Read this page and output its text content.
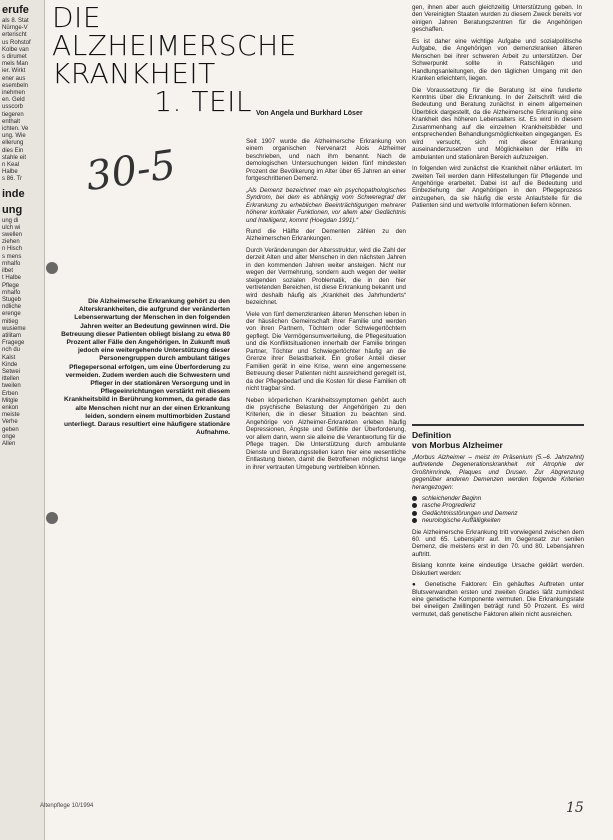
erufe
als 8. Stat
Nürnge-V
erterischt
us Rohstof
Kolbe van
s dirumet
mels Man
ier. Wirkt
ener aus
esembeln
inehmen
en. Geld
usscorb
tiegeren
enthalt
ichten. Ve
ung. Wie
ellerung
dies Ein
stahle eit
n Keal
Halbe
s 86. Tr
inde
ung
ung di
ulch wi
swellen
ziehen
n Hisch
s mens
rnhalfo
ilbet
t Halbe
Pflege
rnhalfo
Stugeb
ndliche
erenge
mitieg
wusieme
atilitam
Fragege
nch du
Kalst
Kinde
Setwei
ittellen
tweilen
Erben
Mitgle
enkon
meiste
Verhe
geben
onge
Allen
DIE ALZHEIMERSCHE
KRANKHEIT
1. TEIL Von Angela und Burkhard Löser
30-5
Die Alzheimersche Erkrankung gehört zu den Alterskrankheiten, die aufgrund der veränderten Lebenserwartung der Menschen in den folgenden Jahren weiter an Bedeutung gewinnen wird. Die Betreuung dieser Patienten obliegt bislang zu etwa 80 Prozent aller Fälle den Angehörigen. In Zukunft muß jedoch eine weitergehende Unterstützung dieser Personengruppen durch ambulant tätiges Pflegepersonal erfolgen, um eine Überforderung zu vermeiden. Zudem werden auch die Schwestern und Pfleger in der stationären Versorgung und in Pflegeeinrichtungen verstärkt mit diesem Krankheitsbild in Berührung kommen, da gerade das alte Menschen nicht nur an der einen Erkrankung leiden, sondern einem multimorbiden Zustand unterliegt. Daraus resultiert eine häufigere stationäre Aufnahme.

Seit 1907 wurde die Alzheimersche Erkrankung von einem organischen Nervenarzt Alois Alzheimer beschrieben, und nach ihm benannt. Nach de demologischen Untersuchungen leiden fünf mindesten Prozent der Bevölkerung im Alter über 65 Jahren an einer fortgeschrittenen Demenz.

„Als Demenz bezeichnet man ein psychopathologisches Syndrom, bei dem es abhängig vom Schweregrad der Erkrankung zu erheblichen Beeinträchtigungen mehrerer höherer kortikaler Funktionen, vor allem aber Gedächtnis und Intelligenz, kommt (Hoegdan 1991).“

Rund die Hälfte der Dementen zählen zu den Alzheimerschen Erkrankungen.

Durch Veränderungen der Altersstruktur, wird die Zahl der derzeit Alten und alter Menschen in den nächsten Jahren in den kommenden Jahren weiter ansteigen. Nicht nur wegen der Vermehrung, sondern auch wegen der weiter steigenden sozialen Problematik, die in den hier vertretenden Bereichen, ist diese Erkrankung bekannt und wird deshalb häufig als „Krankheit des Jahrhunderts“ bezeichnet.

Viele von fünf demenzkranken älteren Menschen leben in der häuslichen Gemeinschaft ihrer Familie und werden von ihren Partnern, Töchtern oder Schwiegertöchtern gepflegt. Die Vermögensumverteilung, die Pflegesituation und die Konfliktsituationen innerhalb der Familie bringen Partner, Töchter und Schwiegertöchter häufig an die Grenze ihrer Belastbarkeit. Ein großer Anteil dieser Familien gerät in eine Krise, wenn eine angemessene Betreuung dieser Patienten nicht ausreichend geregelt ist, da der Pflegebedarf und die Kosten für diese Familien oft nicht tragbar sind.

Neben körperlichen Krankheitssymptomen gehört auch die psychische Belastung der Angehörigen zu den Kriterien, die in dieser Situation zu beachten sind. Angehörige von Alzheimer-Erkrankten erleben häufig Depressionen, Ängste und Gefühle der Überforderung, vor allem dann, wenn sie alleine die Verantwortung für die Pflege tragen. Die Unterstützung durch ambulante Dienste und Beratungsstellen kann hier eine wesentliche Entlastung bieten, damit die Betroffenen möglichst lange in ihrer vertrauten Umgebung verbleiben können.

gen, ihnen aber auch gleichzeitig Unterstützung geben. In den Vereinigten Staaten wurden zu diesem Zweck bereits vor einigen Jahren Beratungszentren für die Angehörigen geschaffen.

Es ist daher eine wichtige Aufgabe und sozialpolitische Aufgabe, die Angehörigen von demenzkranken älteren Menschen bei ihrer schweren Arbeit zu unterstützen. Der Schwerpunkt sollte in Ratschlägen und Handlungsanleitungen, die den täglichen Umgang mit den Kranken erleichtern, liegen.

Die Voraussetzung für die Beratung ist eine fundierte Kenntnis über die Erkrankung. In der Zeitschrift wird die Bedeutung und Beratung zunächst in einem allgemeinen Überblick dargestellt, da die Alzheimersche Erkrankung eine Krankheit des höheren Lebensalters ist. Es wird in diesem Zusammenhang auf die einzelnen Krankheitsbilder und entsprechenden Behandlungsmöglichkeiten eingegangen. Es wird versucht, sich mit dieser Erkrankung auseinanderzusetzen und Möglichkeiten der Hilfe im ambulanten und stationären Bereich aufzuzeigen.

In folgenden wird zunächst die Krankheit näher erläutert. Im zweiten Teil werden dann Hilfestellungen für Pflegende und Angehörige erarbeitet. Dabei ist auf die Bedeutung und Einbeziehung der Angehörigen in den Pflegeprozess einzugehen, da sie häufig die erste Anlaufstelle für die Patienten sind und wertvolle Informationen liefern können.

Definition
von Morbus Alzheimer

„Morbus Alzheimer – meist im Präsenium (5.–6. Jahrzehnt) auftretende Degenerationskrankheit mit Atrophie der Großhirnrinde, Plaques und Drusen. Zur Abgrenzung gegenüber anderen Demenzen werden folgende Kriterien herangezogen:

schleichender Beginn
rasche Progredienz
Gedächtnisstörungen und Demenz
neurologische Auffälligkeiten

Die Alzheimersche Erkrankung tritt vorwiegend zwischen dem 60. und 65. Lebensjahr auf. Im Gegensatz zur senilen Demenz, die meistens erst in den 70. und 80. Lebensjahren auftritt.

Bislang konnte keine eindeutige Ursache geklärt werden. Diskutiert werden:

● Genetische Faktoren: Ein gehäuftes Auftreten unter Blutsverwandten ersten und zweiten Grades läßt zumindest eine genetische Komponente vermuten. Die Erkrankungsrate bei eineiigen Zwillingen beträgt rund 50 Prozent. Es wird vermutet, daß genetische Faktoren allein nicht ausreichen.

Altenpflege 10/1994	15
